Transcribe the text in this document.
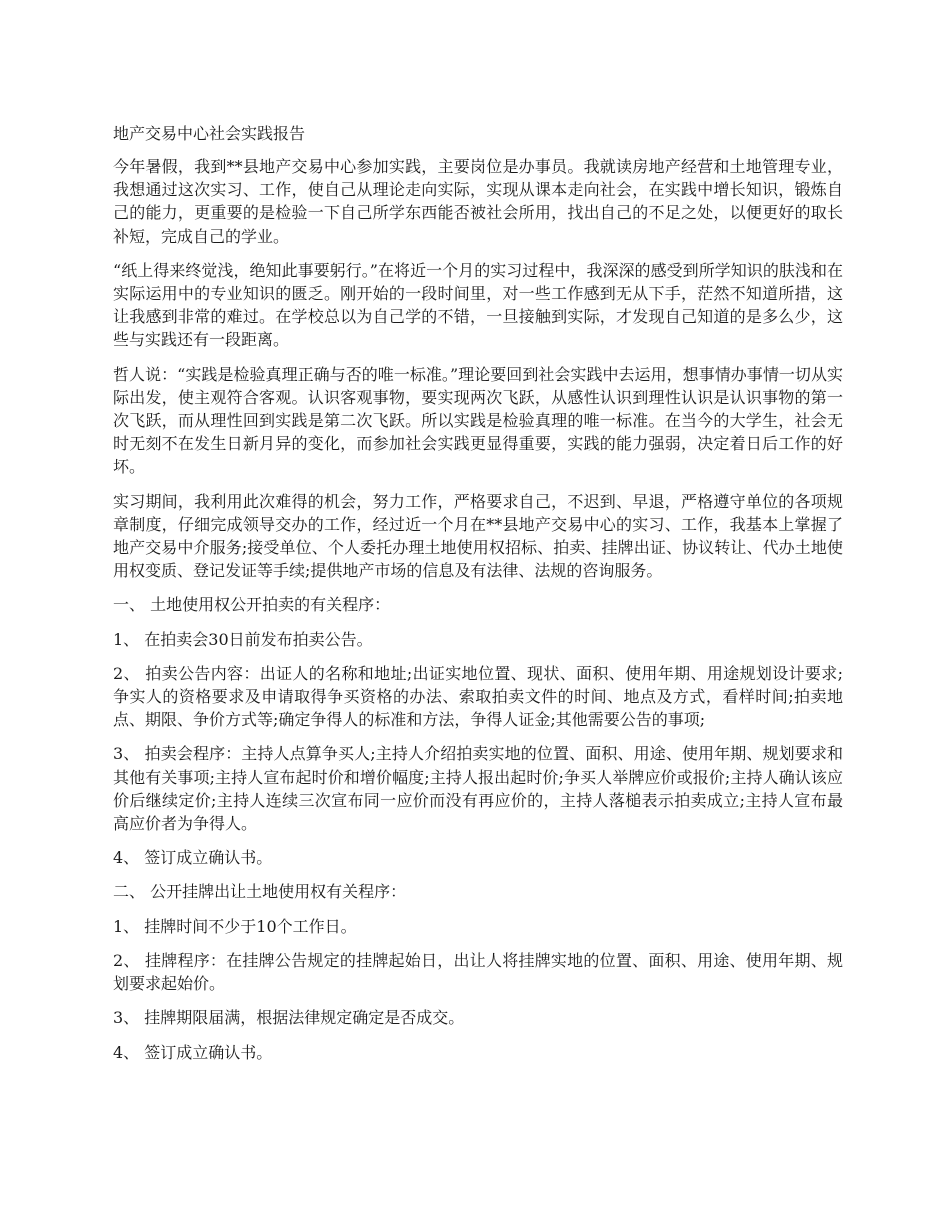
地产交易中心社会实践报告

今年暑假，我到**县地产交易中心参加实践，主要岗位是办事员。我就读房地产经营和土地管理专业，我想通过这次实习、工作，使自己从理论走向实际，实现从课本走向社会，在实践中增长知识，锻炼自己的能力，更重要的是检验一下自己所学东西能否被社会所用，找出自己的不足之处，以便更好的取长补短，完成自己的学业。

“纸上得来终觉浅，绝知此事要躬行。”在将近一个月的实习过程中，我深深的感受到所学知识的肤浅和在实际运用中的专业知识的匮乏。刚开始的一段时间里，对一些工作感到无从下手，茫然不知道所措，这让我感到非常的难过。在学校总以为自己学的不错，一旦接触到实际，才发现自己知道的是多么少，这些与实践还有一段距离。

哲人说：“实践是检验真理正确与否的唯一标准。”理论要回到社会实践中去运用，想事情办事情一切从实际出发，使主观符合客观。认识客观事物，要实现两次飞跃，从感性认识到理性认识是认识事物的第一次飞跃，而从理性回到实践是第二次飞跃。所以实践是检验真理的唯一标准。在当今的大学生，社会无时无刻不在发生日新月异的变化，而参加社会实践更显得重要，实践的能力强弱，决定着日后工作的好坏。

实习期间，我利用此次难得的机会，努力工作，严格要求自己，不迟到、早退，严格遵守单位的各项规章制度，仔细完成领导交办的工作，经过近一个月在**县地产交易中心的实习、工作，我基本上掌握了地产交易中介服务;接受单位、个人委托办理土地使用权招标、拍卖、挂牌出证、协议转让、代办土地使用权变质、登记发证等手续;提供地产市场的信息及有法律、法规的咨询服务。

一、 土地使用权公开拍卖的有关程序：

1、 在拍卖会30日前发布拍卖公告。

2、 拍卖公告内容：出证人的名称和地址;出证实地位置、现状、面积、使用年期、用途规划设计要求;争实人的资格要求及申请取得争买资格的办法、索取拍卖文件的时间、地点及方式，看样时间;拍卖地点、期限、争价方式等;确定争得人的标准和方法，争得人证金;其他需要公告的事项;

3、 拍卖会程序：主持人点算争买人;主持人介绍拍卖实地的位置、面积、用途、使用年期、规划要求和其他有关事项;主持人宣布起时价和增价幅度;主持人报出起时价;争买人举牌应价或报价;主持人确认该应价后继续定价;主持人连续三次宣布同一应价而没有再应价的，主持人落槌表示拍卖成立;主持人宣布最高应价者为争得人。

4、 签订成立确认书。

二、 公开挂牌出让土地使用权有关程序：

1、 挂牌时间不少于10个工作日。

2、 挂牌程序：在挂牌公告规定的挂牌起始日，出让人将挂牌实地的位置、面积、用途、使用年期、规划要求起始价。

3、 挂牌期限届满，根据法律规定确定是否成交。

4、 签订成立确认书。
